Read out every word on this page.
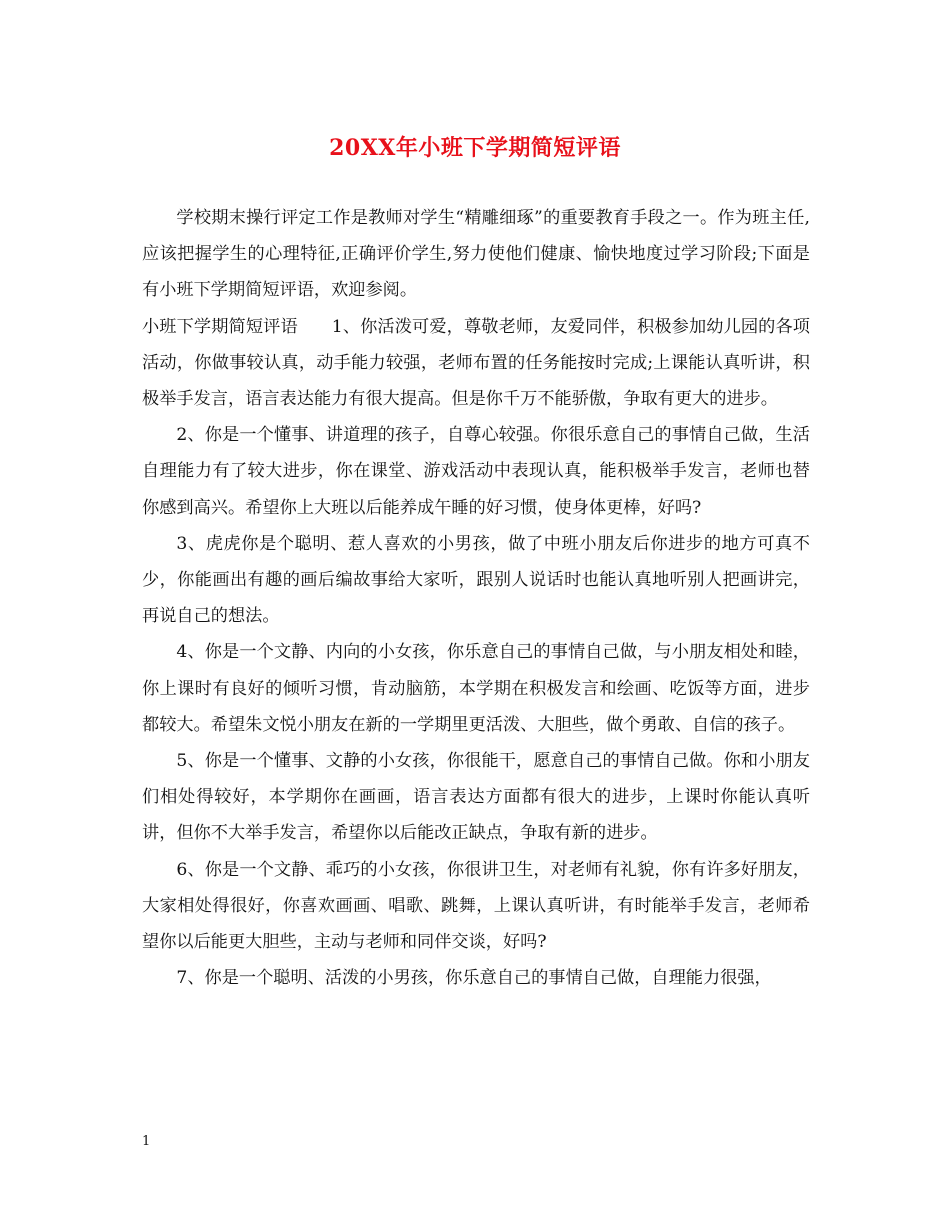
20XX年小班下学期简短评语

学校期末操行评定工作是教师对学生“精雕细琢”的重要教育手段之一。作为班主任,应该把握学生的心理特征,正确评价学生,努力使他们健康、愉快地度过学习阶段;下面是有小班下学期简短评语，欢迎参阅。

小班下学期简短评语 1、你活泼可爱，尊敬老师，友爱同伴，积极参加幼儿园的各项活动，你做事较认真，动手能力较强，老师布置的任务能按时完成;上课能认真听讲，积极举手发言，语言表达能力有很大提高。但是你千万不能骄傲，争取有更大的进步。

2、你是一个懂事、讲道理的孩子，自尊心较强。你很乐意自己的事情自己做，生活自理能力有了较大进步，你在课堂、游戏活动中表现认真，能积极举手发言，老师也替你感到高兴。希望你上大班以后能养成午睡的好习惯，使身体更棒，好吗?

3、虎虎你是个聪明、惹人喜欢的小男孩，做了中班小朋友后你进步的地方可真不少，你能画出有趣的画后编故事给大家听，跟别人说话时也能认真地听别人把画讲完，再说自己的想法。

4、你是一个文静、内向的小女孩，你乐意自己的事情自己做，与小朋友相处和睦，你上课时有良好的倾听习惯，肯动脑筋，本学期在积极发言和绘画、吃饭等方面，进步都较大。希望朱文悦小朋友在新的一学期里更活泼、大胆些，做个勇敢、自信的孩子。

5、你是一个懂事、文静的小女孩，你很能干，愿意自己的事情自己做。你和小朋友们相处得较好，本学期你在画画，语言表达方面都有很大的进步，上课时你能认真听讲，但你不大举手发言，希望你以后能改正缺点，争取有新的进步。

6、你是一个文静、乖巧的小女孩，你很讲卫生，对老师有礼貌，你有许多好朋友，大家相处得很好，你喜欢画画、唱歌、跳舞，上课认真听讲，有时能举手发言，老师希望你以后能更大胆些，主动与老师和同伴交谈，好吗?

7、你是一个聪明、活泼的小男孩，你乐意自己的事情自己做，自理能力很强，

1
